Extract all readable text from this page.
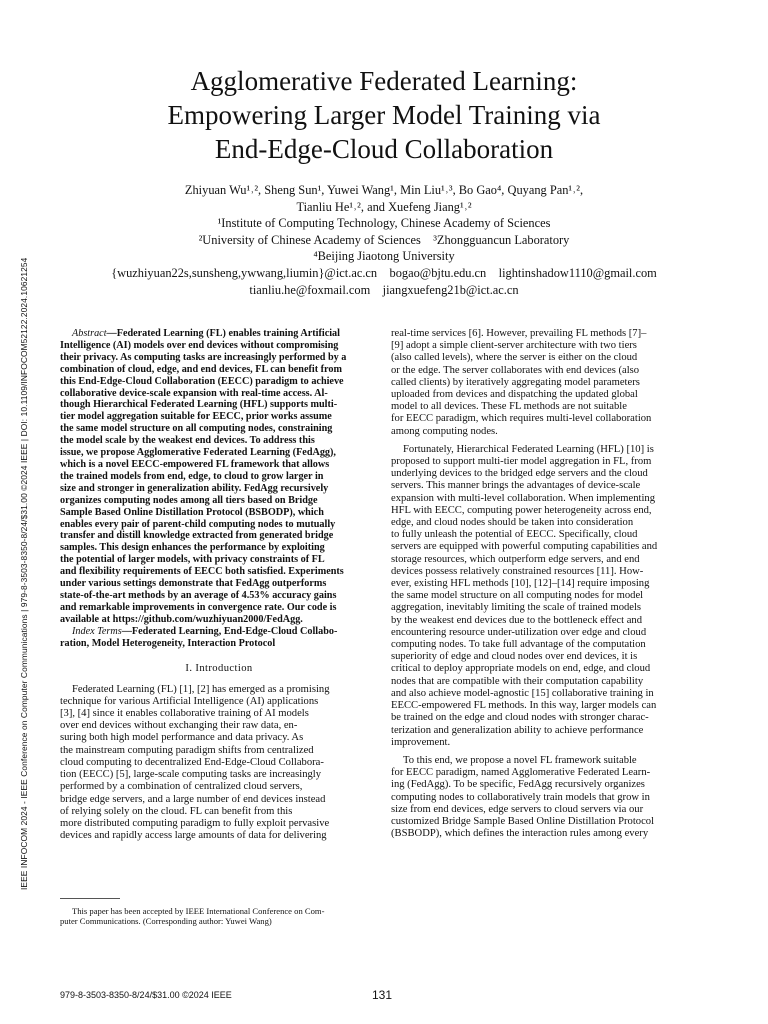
IEEE INFOCOM 2024 - IEEE Conference on Computer Communications | 979-8-3503-8350-8/24/$31.00 ©2024 IEEE | DOI: 10.1109/INFOCOM52122.2024.10621254
Agglomerative Federated Learning:
Empowering Larger Model Training via
End-Edge-Cloud Collaboration
Zhiyuan Wu¹˒², Sheng Sun¹, Yuwei Wang¹, Min Liu¹˒³, Bo Gao⁴, Quyang Pan¹˒²,
Tianliu He¹˒², and Xuefeng Jiang¹˒²
¹Institute of Computing Technology, Chinese Academy of Sciences
²University of Chinese Academy of Sciences    ³Zhongguancun Laboratory
⁴Beijing Jiaotong University
{wuzhiyuan22s,sunsheng,ywwang,liumin}@ict.ac.cn    bogao@bjtu.edu.cn    lightinshadow1110@gmail.com
tianliu.he@foxmail.com    jiangxuefeng21b@ict.ac.cn
Abstract—Federated Learning (FL) enables training Artificial
Intelligence (AI) models over end devices without compromising
their privacy. As computing tasks are increasingly performed by a
combination of cloud, edge, and end devices, FL can benefit from
this End-Edge-Cloud Collaboration (EECC) paradigm to achieve
collaborative device-scale expansion with real-time access. Al-
though Hierarchical Federated Learning (HFL) supports multi-
tier model aggregation suitable for EECC, prior works assume
the same model structure on all computing nodes, constraining
the model scale by the weakest end devices. To address this
issue, we propose Agglomerative Federated Learning (FedAgg),
which is a novel EECC-empowered FL framework that allows
the trained models from end, edge, to cloud to grow larger in
size and stronger in generalization ability. FedAgg recursively
organizes computing nodes among all tiers based on Bridge
Sample Based Online Distillation Protocol (BSBODP), which
enables every pair of parent-child computing nodes to mutually
transfer and distill knowledge extracted from generated bridge
samples. This design enhances the performance by exploiting
the potential of larger models, with privacy constraints of FL
and flexibility requirements of EECC both satisfied. Experiments
under various settings demonstrate that FedAgg outperforms
state-of-the-art methods by an average of 4.53% accuracy gains
and remarkable improvements in convergence rate. Our code is
available at https://github.com/wuzhiyuan2000/FedAgg.
Index Terms—Federated Learning, End-Edge-Cloud Collabo-
ration, Model Heterogeneity, Interaction Protocol
I. Introduction
Federated Learning (FL) [1], [2] has emerged as a promising
technique for various Artificial Intelligence (AI) applications
[3], [4] since it enables collaborative training of AI models
over end devices without exchanging their raw data, en-
suring both high model performance and data privacy. As
the mainstream computing paradigm shifts from centralized
cloud computing to decentralized End-Edge-Cloud Collabora-
tion (EECC) [5], large-scale computing tasks are increasingly
performed by a combination of centralized cloud servers,
bridge edge servers, and a large number of end devices instead
of relying solely on the cloud. FL can benefit from this
more distributed computing paradigm to fully exploit pervasive
devices and rapidly access large amounts of data for delivering
This paper has been accepted by IEEE International Conference on Com-
puter Communications. (Corresponding author: Yuwei Wang)
real-time services [6]. However, prevailing FL methods [7]–
[9] adopt a simple client-server architecture with two tiers
(also called levels), where the server is either on the cloud
or the edge. The server collaborates with end devices (also
called clients) by iteratively aggregating model parameters
uploaded from devices and dispatching the updated global
model to all devices. These FL methods are not suitable
for EECC paradigm, which requires multi-level collaboration
among computing nodes.
Fortunately, Hierarchical Federated Learning (HFL) [10] is
proposed to support multi-tier model aggregation in FL, from
underlying devices to the bridged edge servers and the cloud
servers. This manner brings the advantages of device-scale
expansion with multi-level collaboration. When implementing
HFL with EECC, computing power heterogeneity across end,
edge, and cloud nodes should be taken into consideration
to fully unleash the potential of EECC. Specifically, cloud
servers are equipped with powerful computing capabilities and
storage resources, which outperform edge servers, and end
devices possess relatively constrained resources [11]. How-
ever, existing HFL methods [10], [12]–[14] require imposing
the same model structure on all computing nodes for model
aggregation, inevitably limiting the scale of trained models
by the weakest end devices due to the bottleneck effect and
encountering resource under-utilization over edge and cloud
computing nodes. To take full advantage of the computation
superiority of edge and cloud nodes over end devices, it is
critical to deploy appropriate models on end, edge, and cloud
nodes that are compatible with their computation capability
and also achieve model-agnostic [15] collaborative training in
EECC-empowered FL methods. In this way, larger models can
be trained on the edge and cloud nodes with stronger charac-
terization and generalization ability to achieve performance
improvement.
To this end, we propose a novel FL framework suitable
for EECC paradigm, named Agglomerative Federated Learn-
ing (FedAgg). To be specific, FedAgg recursively organizes
computing nodes to collaboratively train models that grow in
size from end devices, edge servers to cloud servers via our
customized Bridge Sample Based Online Distillation Protocol
(BSBODP), which defines the interaction rules among every
979-8-3503-8350-8/24/$31.00 ©2024 IEEE	131
